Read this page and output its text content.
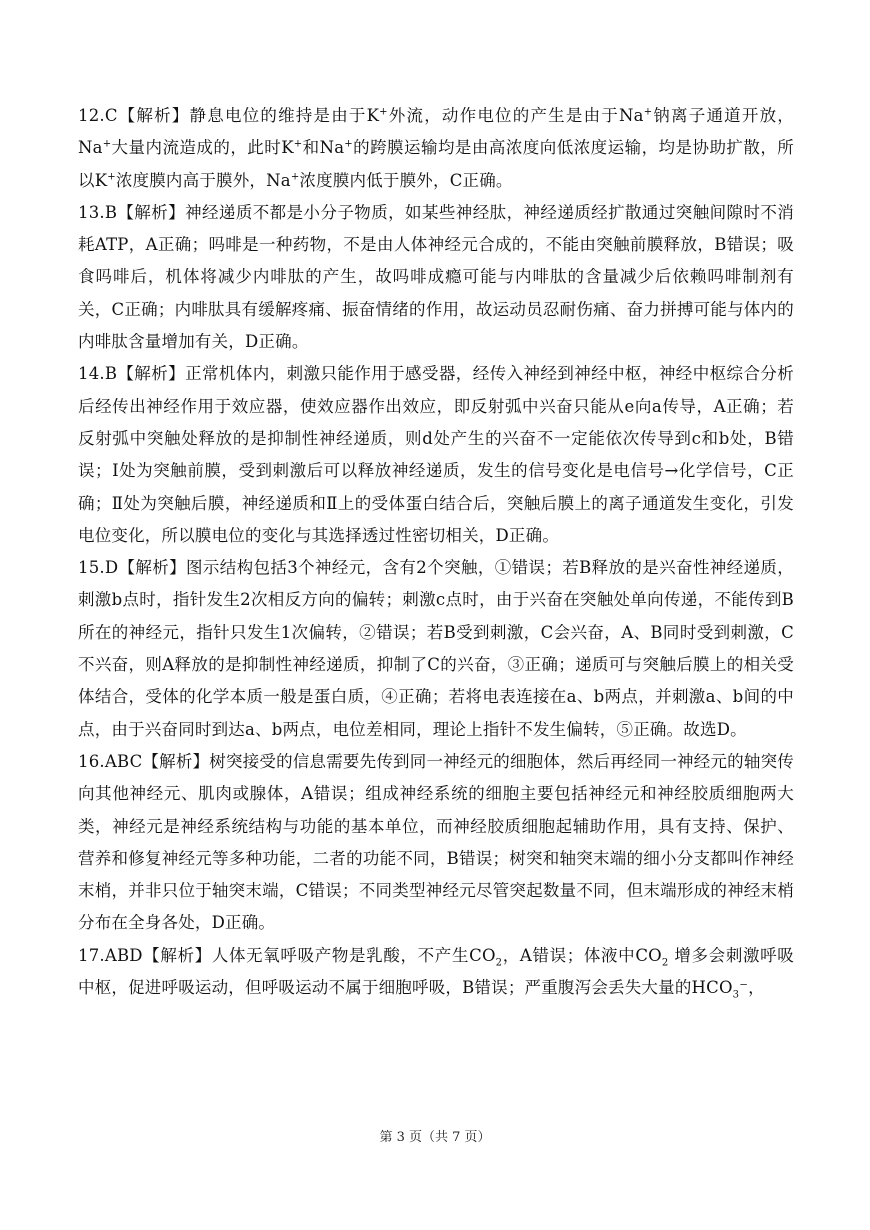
12.C【解析】静息电位的维持是由于K+外流，动作电位的产生是由于Na+钠离子通道开放，Na+大量内流造成的，此时K+和Na+的跨膜运输均是由高浓度向低浓度运输，均是协助扩散，所以K+浓度膜内高于膜外，Na+浓度膜内低于膜外，C正确。

13.B【解析】神经递质不都是小分子物质，如某些神经肽，神经递质经扩散通过突触间隙时不消耗ATP，A正确；吗啡是一种药物，不是由人体神经元合成的，不能由突触前膜释放，B错误；吸食吗啡后，机体将减少内啡肽的产生，故吗啡成瘾可能与内啡肽的含量减少后依赖吗啡制剂有关，C正确；内啡肽具有缓解疼痛、振奋情绪的作用，故运动员忍耐伤痛、奋力拼搏可能与体内的内啡肽含量增加有关，D正确。

14.B【解析】正常机体内，刺激只能作用于感受器，经传入神经到神经中枢，神经中枢综合分析后经传出神经作用于效应器，使效应器作出效应，即反射弧中兴奋只能从e向a传导，A正确；若反射弧中突触处释放的是抑制性神经递质，则d处产生的兴奋不一定能依次传导到c和b处，B错误；Ⅰ处为突触前膜，受到刺激后可以释放神经递质，发生的信号变化是电信号→化学信号，C正确；Ⅱ处为突触后膜，神经递质和Ⅱ上的受体蛋白结合后，突触后膜上的离子通道发生变化，引发电位变化，所以膜电位的变化与其选择透过性密切相关，D正确。

15.D【解析】图示结构包括3个神经元，含有2个突触，①错误；若B释放的是兴奋性神经递质，刺激b点时，指针发生2次相反方向的偏转；刺激c点时，由于兴奋在突触处单向传递，不能传到B所在的神经元，指针只发生1次偏转，②错误；若B受到刺激，C会兴奋，A、B同时受到刺激，C不兴奋，则A释放的是抑制性神经递质，抑制了C的兴奋，③正确；递质可与突触后膜上的相关受体结合，受体的化学本质一般是蛋白质，④正确；若将电表连接在a、b两点，并刺激a、b间的中点，由于兴奋同时到达a、b两点，电位差相同，理论上指针不发生偏转，⑤正确。故选D。

16.ABC【解析】树突接受的信息需要先传到同一神经元的细胞体，然后再经同一神经元的轴突传向其他神经元、肌肉或腺体，A错误；组成神经系统的细胞主要包括神经元和神经胶质细胞两大类，神经元是神经系统结构与功能的基本单位，而神经胶质细胞起辅助作用，具有支持、保护、营养和修复神经元等多种功能，二者的功能不同，B错误；树突和轴突末端的细小分支都叫作神经末梢，并非只位于轴突末端，C错误；不同类型神经元尽管突起数量不同，但末端形成的神经末梢分布在全身各处，D正确。

17.ABD【解析】人体无氧呼吸产物是乳酸，不产生$CO_2$，A错误；体液中$CO_2$ 增多会刺激呼吸中枢，促进呼吸运动，但呼吸运动不属于细胞呼吸，B错误；严重腹泻会丢失大量的$HCO_3^-$，

第 3 页（共 7 页）
